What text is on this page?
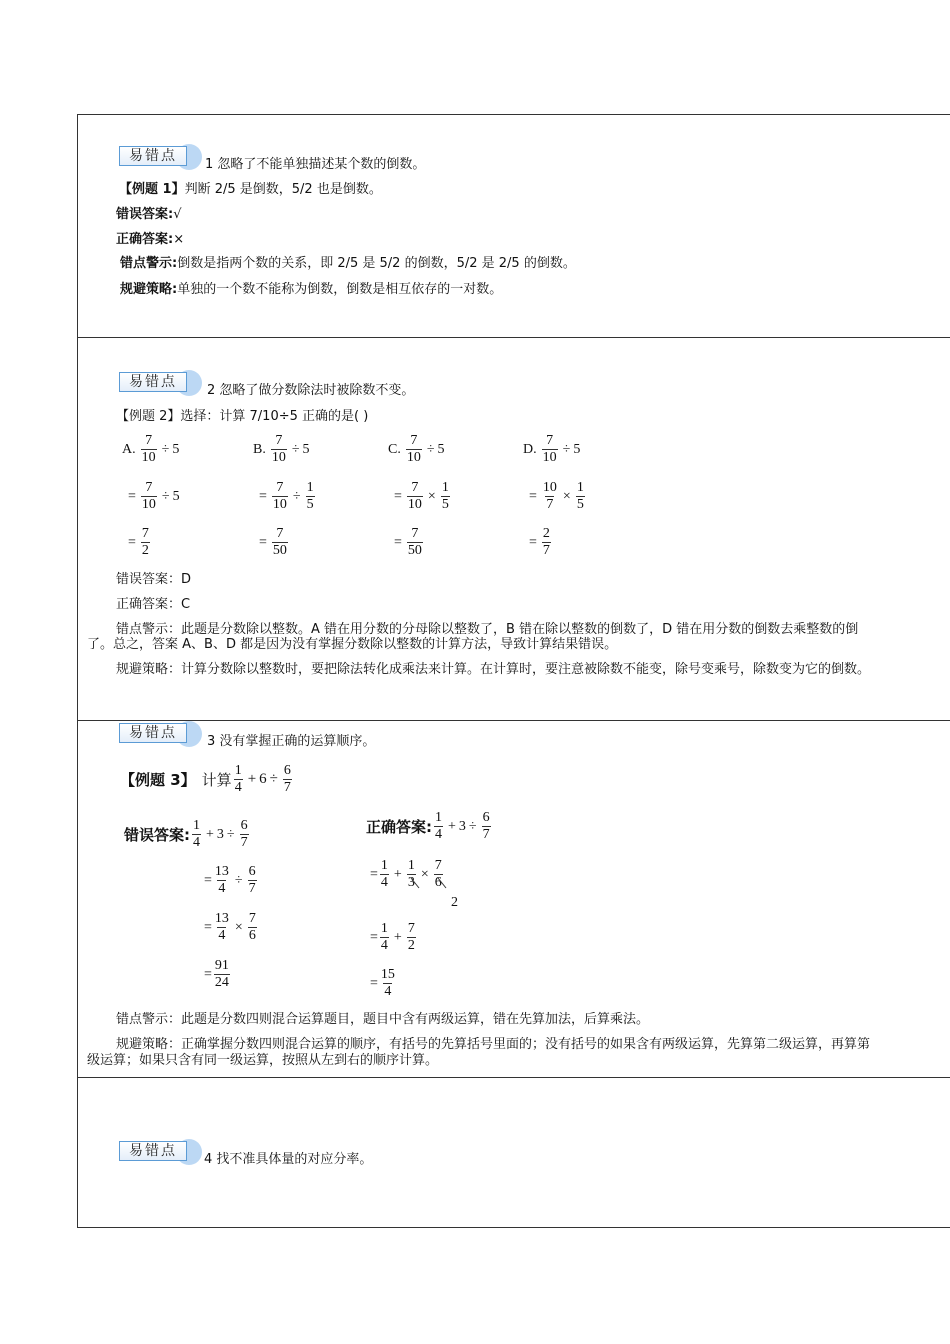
易错点
1 忽略了不能单独描述某个数的倒数。
【例题 1】判断 2/5 是倒数，5/2 也是倒数。
错误答案:√
正确答案:×
错点警示:倒数是指两个数的关系，即 2/5 是 5/2 的倒数，5/2 是 2/5 的倒数。
规避策略:单独的一个数不能称为倒数，倒数是相互依存的一对数。
易错点
2 忽略了做分数除法时被除数不变。
【例题 2】选择：计算 7/10÷5 正确的是( )
A. $\frac{7}{10} \div 5$
= $\frac{7}{10} \div 5$
= $\frac{7}{2}$
B. $\frac{7}{10} \div 5$
= $\frac{7}{10} \div \frac{1}{5}$
= $\frac{7}{50}$
C. $\frac{7}{10} \div 5$
= $\frac{7}{10} \times \frac{1}{5}$
= $\frac{7}{50}$
D. $\frac{7}{10} \div 5$
= $\frac{10}{7} \times \frac{1}{5}$
= $\frac{2}{7}$
错误答案：D
正确答案：C
错点警示：此题是分数除以整数。A 错在用分数的分母除以整数了，B 错在除以整数的倒数了，D 错在用分数的倒数去乘整数的倒
了。总之，答案 A、B、D 都是因为没有掌握分数除以整数的计算方法，导致计算结果错误。
规避策略：计算分数除以整数时，要把除法转化成乘法来计算。在计算时，要注意被除数不能变，除号变乘号，除数变为它的倒数。
易错点
3 没有掌握正确的运算顺序。
【例题 3】 计算 $\frac{1}{4} + 6 \div \frac{6}{7}$
错误答案: $\frac{1}{4} + 3 \div \frac{6}{7}$
= $\frac{13}{4} \div \frac{6}{7}$
= $\frac{13}{4} \times \frac{7}{6}$
= $\frac{91}{24}$
正确答案: $\frac{1}{4} + 3 \div \frac{6}{7}$
= $\frac{1}{4} + \frac{1}{3} \times \frac{7}{6}$
2
= $\frac{1}{4} + \frac{7}{2}$
= $\frac{15}{4}$
错点警示：此题是分数四则混合运算题目，题目中含有两级运算，错在先算加法，后算乘法。
规避策略：正确掌握分数四则混合运算的顺序，有括号的先算括号里面的；没有括号的如果含有两级运算，先算第二级运算，再算第
级运算；如果只含有同一级运算，按照从左到右的顺序计算。
易错点
4 找不准具体量的对应分率。
